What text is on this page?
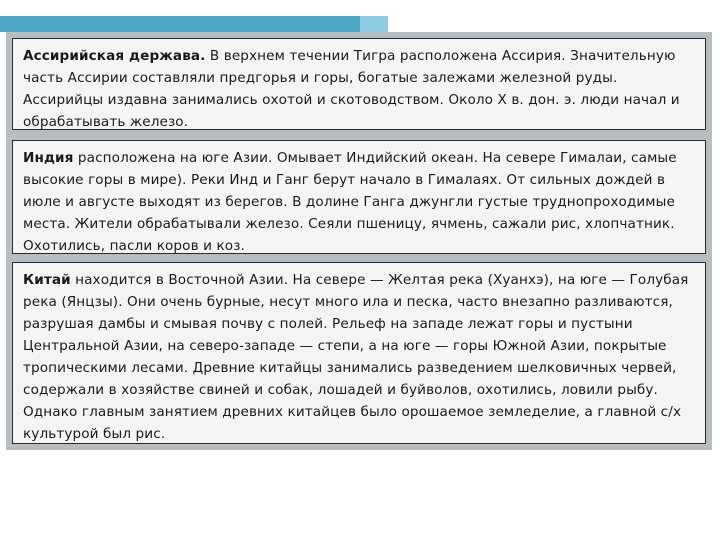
Ассирийская держава. В верхнем течении Тигра расположена Ассирия. Значительную часть Ассирии составляли предгорья и горы, богатые залежами железной руды. Ассирийцы издавна занимались охотой и скотоводством. Около X в. дон. э. люди начал и обрабатывать железо.
Индия расположена на юге Азии. Омывает Индийский океан. На севере Гималаи, самые высокие горы в мире). Реки Инд и Ганг берут начало в Гималаях. От сильных дождей в июле и августе выходят из берегов. В долине Ганга джунгли густые труднопроходимые места. Жители обрабатывали железо. Сеяли пшеницу, ячмень, сажали рис, хлопчатник. Охотились, пасли коров и коз.
Китай находится в Восточной Азии. На севере — Желтая река (Хуанхэ), на юге — Голубая река (Янцзы). Они очень бурные, несут много ила и песка, часто внезапно разливаются, разрушая дамбы и смывая почву с полей. Рельеф на западе лежат горы и пустыни Центральной Азии, на северо-западе — степи, а на юге — горы Южной Азии, покрытые тропическими лесами. Древние китайцы занимались разведением шелковичных червей, содержали в хозяйстве свиней и собак, лошадей и буйволов, охотились, ловили рыбу. Однако главным занятием древних китайцев было орошаемое земледелие, а главной с/х культурой был рис.
